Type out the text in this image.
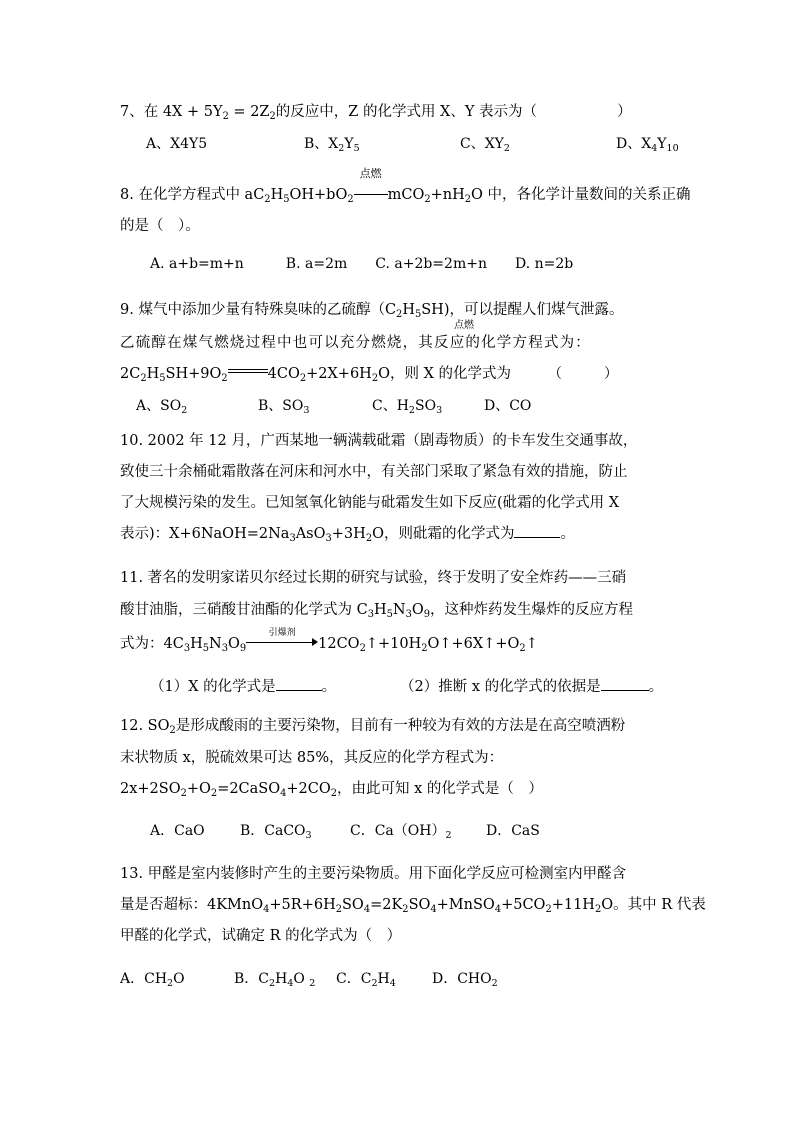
7、在 $4X + 5Y_2 = 2Z_2$的反应中，Z 的化学式用 X、Y 表示为（	）
A、X4Y5	B、$X_2Y_5$	C、$XY_2$	D、$X_4Y_{10}$
8. 在化学方程式中 $aC_2H_5OH+bO_2$
点燃
$mCO_2+nH_2O$ 中，各化学计量数间的关系正确
的是（　）。
A. a+b=m+n　　　B. a=2m　　C. a+2b=2m+n　　D. n=2b
9. 煤气中添加少量有特殊臭味的乙硫醇$(C_2H_5SH)$，可以提醒人们煤气泄露。
乙硫醇在煤气燃烧过程中也可以充分燃烧，其反应的化学方程式为：
点燃
$2C_2H_5SH+9O_2$	$4CO_2+2X+6H_2O$，则 X 的化学式为	（　　　）
A、$SO_2$	B、$SO_3$	C、$H_2SO_3$	D、CO
10. 2002 年 12 月，广西某地一辆满载砒霜（剧毒物质）的卡车发生交通事故，
致使三十余桶砒霜散落在河床和河水中，有关部门采取了紧急有效的措施，防止
了大规模污染的发生。已知氢氧化钠能与砒霜发生如下反应(砒霜的化学式用 X
表示)：$X+6NaOH=2Na_3AsO_3+3H_2O$，则砒霜的化学式为	。
11. 著名的发明家诺贝尔经过长期的研究与试验，终于发明了安全炸药——三硝
酸甘油脂，三硝酸甘油酯的化学式为 $C_3H_5N_3O_9$，这种炸药发生爆炸的反应方程
式为：$4C_3H_5N_3O_9$
引爆剂
$12CO_2↑+10H_2O↑+6X↑+O_2↑$
（1）X 的化学式是	。	（2）推断 x 的化学式的依据是	。
12. $SO_2$是形成酸雨的主要污染物，目前有一种较为有效的方法是在高空喷洒粉
末状物质 x，脱硫效果可达 85%，其反应的化学方程式为：
$2x+2SO_2+O_2=2CaSO_4+2CO_2$，由此可知 x 的化学式是（　）
A．CaO	B．CaCO$_3$	C．$Ca(OH)_2$ D．CaS
13. 甲醛是室内装修时产生的主要污染物质。用下面化学反应可检测室内甲醛含
量是否超标：$4KMnO_4+5R+6H_2SO_4=2K_2SO_4+MnSO_4+5CO_2+11H_2O$。其中 R 代表
甲醛的化学式，试确定 R 的化学式为（　）
A．$CH_2O$	B．$C_2H_4O$ $_2$ C．$C_2H_4$	D．$CHO_2$
